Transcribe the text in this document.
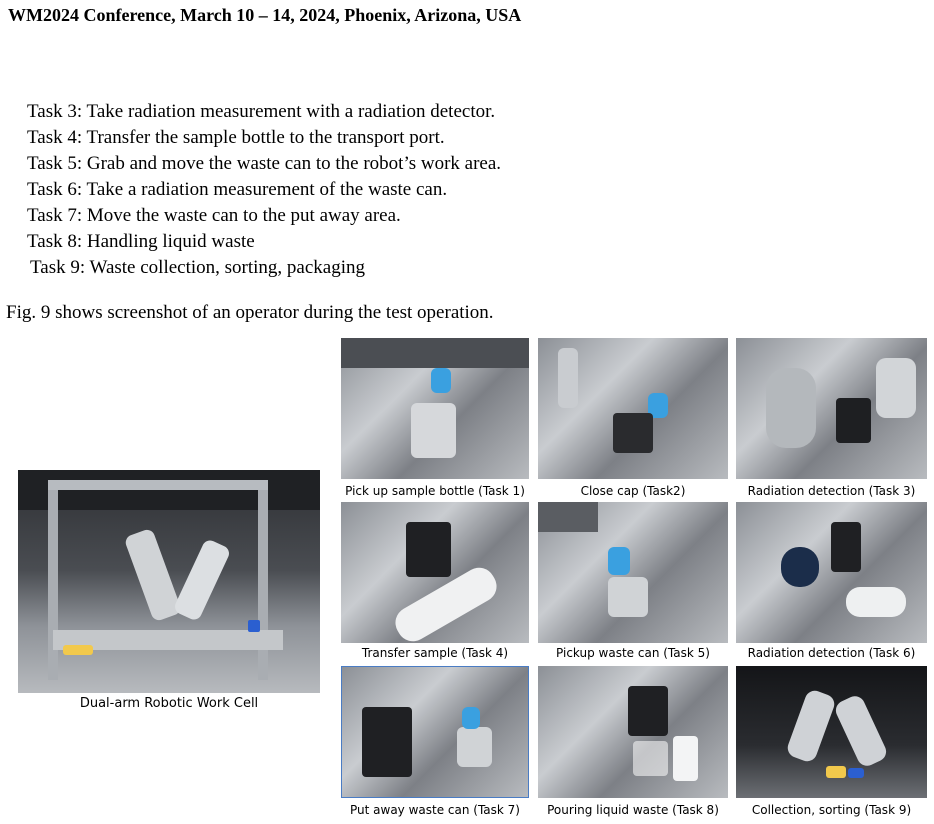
WM2024 Conference, March 10 – 14, 2024, Phoenix, Arizona, USA
Task 3: Take radiation measurement with a radiation detector.
Task 4: Transfer the sample bottle to the transport port.
Task 5: Grab and move the waste can to the robot’s work area.
Task 6: Take a radiation measurement of the waste can.
Task 7: Move the waste can to the put away area.
Task 8: Handling liquid waste
Task 9: Waste collection, sorting, packaging
Fig. 9 shows screenshot of an operator during the test operation.
Dual-arm Robotic Work Cell
Pick up sample bottle (Task 1)	Close cap (Task2)	Radiation detection (Task 3)
Transfer sample (Task 4)	Pickup waste can (Task 5)	Radiation detection (Task 6)
Put away waste can (Task 7)	Pouring liquid waste (Task 8)	Collection, sorting (Task 9)
